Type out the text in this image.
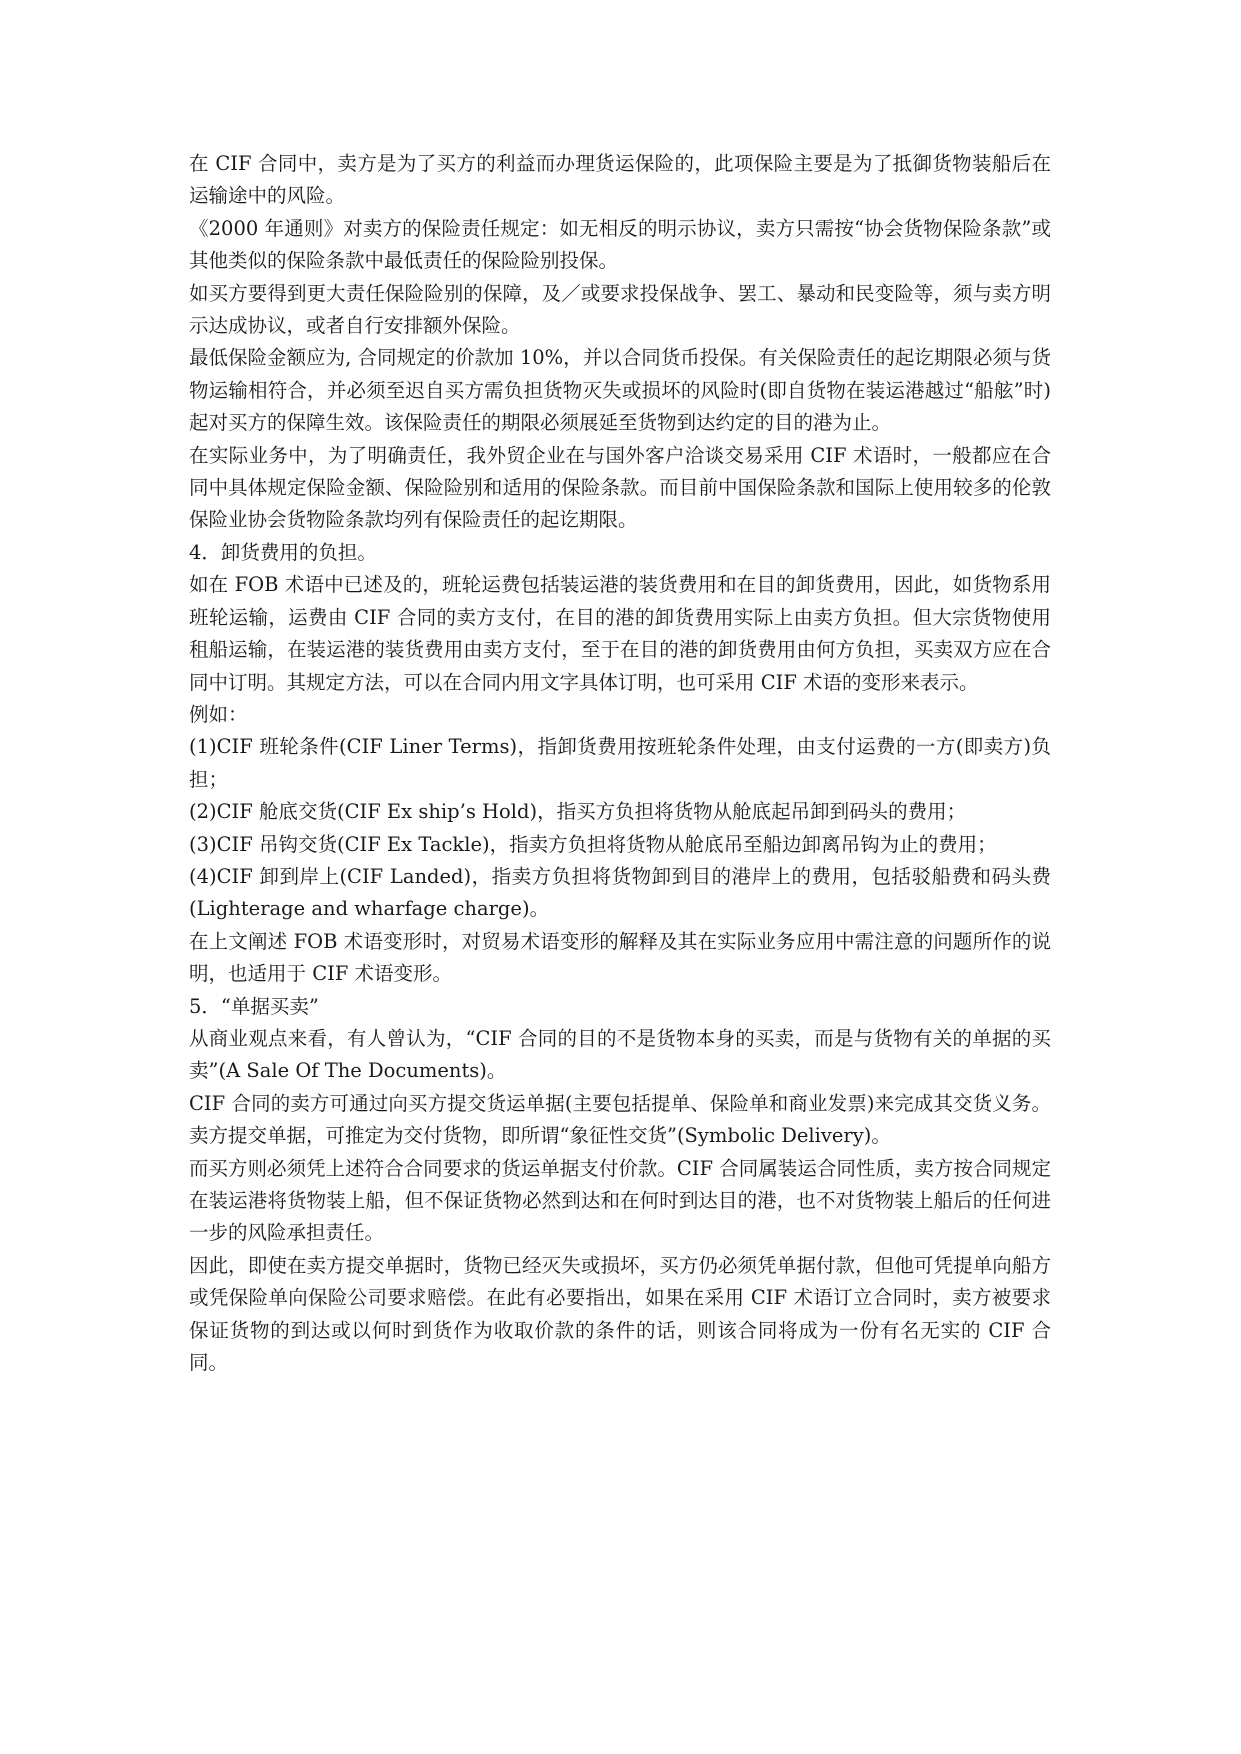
在 CIF 合同中，卖方是为了买方的利益而办理货运保险的，此项保险主要是为了抵御货物装船后在运输途中的风险。

《2000 年通则》对卖方的保险责任规定：如无相反的明示协议，卖方只需按“协会货物保险条款”或其他类似的保险条款中最低责任的保险险别投保。

如买方要得到更大责任保险险别的保障，及／或要求投保战争、罢工、暴动和民变险等，须与卖方明示达成协议，或者自行安排额外保险。

最低保险金额应为, 合同规定的价款加 10%，并以合同货币投保。有关保险责任的起讫期限必须与货物运输相符合，并必须至迟自买方需负担货物灭失或损坏的风险时(即自货物在装运港越过“船舷”时)起对买方的保障生效。该保险责任的期限必须展延至货物到达约定的目的港为止。

在实际业务中，为了明确责任，我外贸企业在与国外客户洽谈交易采用 CIF 术语时，一般都应在合同中具体规定保险金额、保险险别和适用的保险条款。而目前中国保险条款和国际上使用较多的伦敦保险业协会货物险条款均列有保险责任的起讫期限。

4．卸货费用的负担。

如在 FOB 术语中已述及的，班轮运费包括装运港的装货费用和在目的卸货费用，因此，如货物系用班轮运输，运费由 CIF 合同的卖方支付，在目的港的卸货费用实际上由卖方负担。但大宗货物使用租船运输，在装运港的装货费用由卖方支付，至于在目的港的卸货费用由何方负担，买卖双方应在合同中订明。其规定方法，可以在合同内用文字具体订明，也可采用 CIF 术语的变形来表示。

例如：

(1)CIF 班轮条件(CIF Liner Terms)，指卸货费用按班轮条件处理，由支付运费的一方(即卖方)负担；

(2)CIF 舱底交货(CIF Ex ship’s Hold)，指买方负担将货物从舱底起吊卸到码头的费用；

(3)CIF 吊钩交货(CIF Ex Tackle)，指卖方负担将货物从舱底吊至船边卸离吊钩为止的费用；

(4)CIF 卸到岸上(CIF Landed)，指卖方负担将货物卸到目的港岸上的费用，包括驳船费和码头费(Lighterage and wharfage charge)。

在上文阐述 FOB 术语变形时，对贸易术语变形的解释及其在实际业务应用中需注意的问题所作的说明，也适用于 CIF 术语变形。

5．“单据买卖”

从商业观点来看，有人曾认为，“CIF 合同的目的不是货物本身的买卖，而是与货物有关的单据的买卖”(A Sale Of The Documents)。

CIF 合同的卖方可通过向买方提交货运单据(主要包括提单、保险单和商业发票)来完成其交货义务。卖方提交单据，可推定为交付货物，即所谓“象征性交货”(Symbolic Delivery)。

而买方则必须凭上述符合合同要求的货运单据支付价款。CIF 合同属装运合同性质，卖方按合同规定在装运港将货物装上船，但不保证货物必然到达和在何时到达目的港，也不对货物装上船后的任何进一步的风险承担责任。

因此，即使在卖方提交单据时，货物已经灭失或损坏，买方仍必须凭单据付款，但他可凭提单向船方或凭保险单向保险公司要求赔偿。在此有必要指出，如果在采用 CIF 术语订立合同时，卖方被要求保证货物的到达或以何时到货作为收取价款的条件的话，则该合同将成为一份有名无实的 CIF 合同。
